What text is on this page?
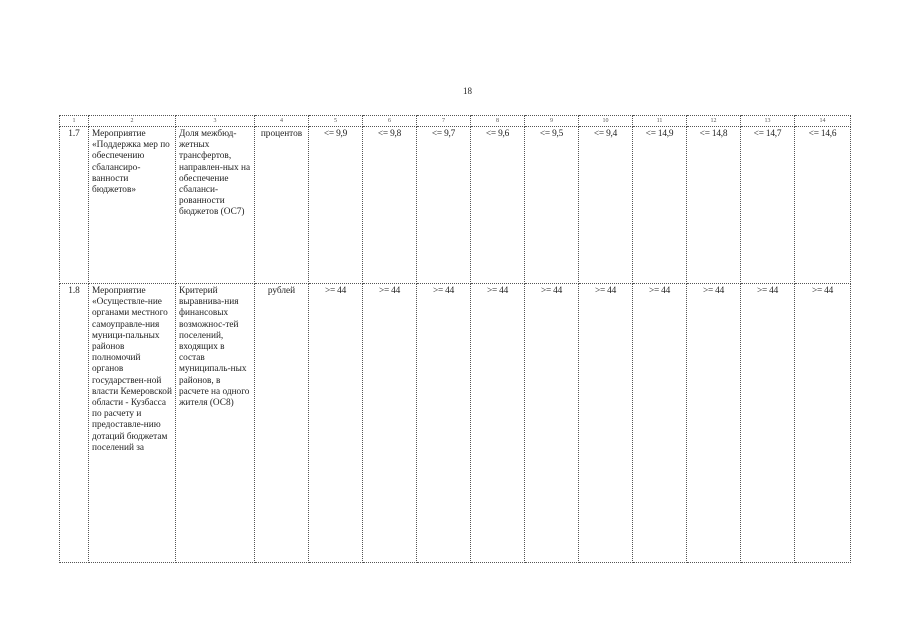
18
1	2	3	4	5	6	7	8	9	10	11	12	13	14
1.7	Мероприятие «Поддержка мер по обеспечению сбалансиро-ванности бюджетов»	Доля межбюд-жетных трансфертов, направлен-ных на обеспечение сбаланси-рованности бюджетов (ОС7)	процентов	<= 9,9	<= 9,8	<= 9,7	<= 9,6	<= 9,5	<= 9,4	<= 14,9	<= 14,8	<= 14,7	<= 14,6
1.8	Мероприятие «Осуществле-ние органами местного самоуправле-ния муници-пальных районов полномочий органов государствен-ной власти Кемеровской области - Кузбасса по расчету и предоставле-нию дотаций бюджетам поселений за	Критерий выравнива-ния финансовых возможнос-тей поселений, входящих в состав муниципаль-ных районов, в расчете на одного жителя (ОС8)	рублей	>= 44	>= 44	>= 44	>= 44	>= 44	>= 44	>= 44	>= 44	>= 44	>= 44
